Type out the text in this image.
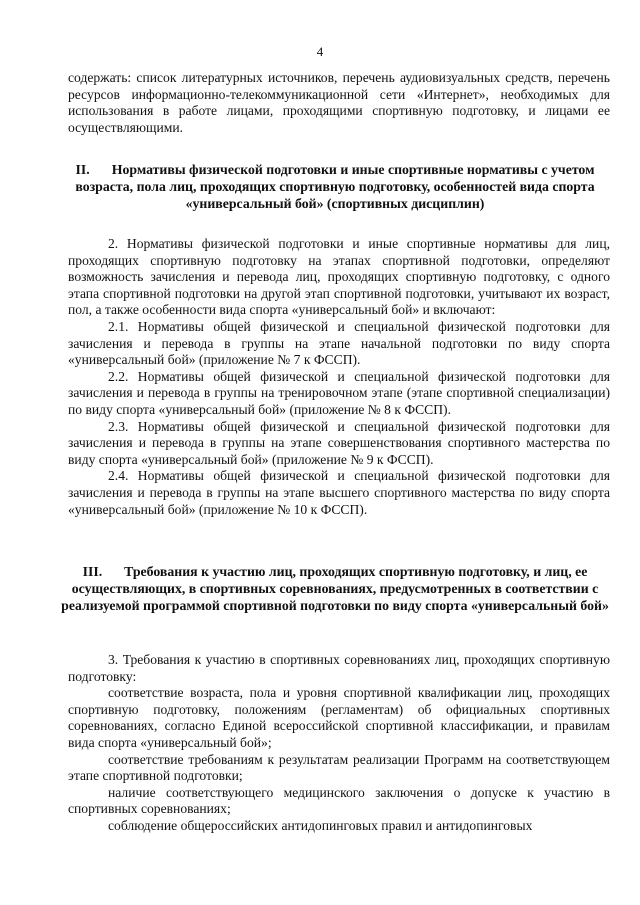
4

содержать: список литературных источников, перечень аудиовизуальных средств, перечень ресурсов информационно-телекоммуникационной сети «Интернет», необходимых для использования в работе лицами, проходящими спортивную подготовку, и лицами ее осуществляющими.

II. Нормативы физической подготовки и иные спортивные нормативы с учетом возраста, пола лиц, проходящих спортивную подготовку, особенностей вида спорта «универсальный бой» (спортивных дисциплин)

2. Нормативы физической подготовки и иные спортивные нормативы для лиц, проходящих спортивную подготовку на этапах спортивной подготовки, определяют возможность зачисления и перевода лиц, проходящих спортивную подготовку, с одного этапа спортивной подготовки на другой этап спортивной подготовки, учитывают их возраст, пол, а также особенности вида спорта «универсальный бой» и включают:

2.1. Нормативы общей физической и специальной физической подготовки для зачисления и перевода в группы на этапе начальной подготовки по виду спорта «универсальный бой» (приложение № 7 к ФССП).

2.2. Нормативы общей физической и специальной физической подготовки для зачисления и перевода в группы на тренировочном этапе (этапе спортивной специализации) по виду спорта «универсальный бой» (приложение № 8 к ФССП).

2.3. Нормативы общей физической и специальной физической подготовки для зачисления и перевода в группы на этапе совершенствования спортивного мастерства по виду спорта «универсальный бой» (приложение № 9 к ФССП).

2.4. Нормативы общей физической и специальной физической подготовки для зачисления и перевода в группы на этапе высшего спортивного мастерства по виду спорта «универсальный бой» (приложение № 10 к ФССП).

III. Требования к участию лиц, проходящих спортивную подготовку, и лиц, ее осуществляющих, в спортивных соревнованиях, предусмотренных в соответствии с реализуемой программой спортивной подготовки по виду спорта «универсальный бой»

3. Требования к участию в спортивных соревнованиях лиц, проходящих спортивную подготовку:

соответствие возраста, пола и уровня спортивной квалификации лиц, проходящих спортивную подготовку, положениям (регламентам) об официальных спортивных соревнованиях, согласно Единой всероссийской спортивной классификации, и правилам вида спорта «универсальный бой»;

соответствие требованиям к результатам реализации Программ на соответствующем этапе спортивной подготовки;

наличие соответствующего медицинского заключения о допуске к участию в спортивных соревнованиях;

соблюдение общероссийских антидопинговых правил и антидопинговых
